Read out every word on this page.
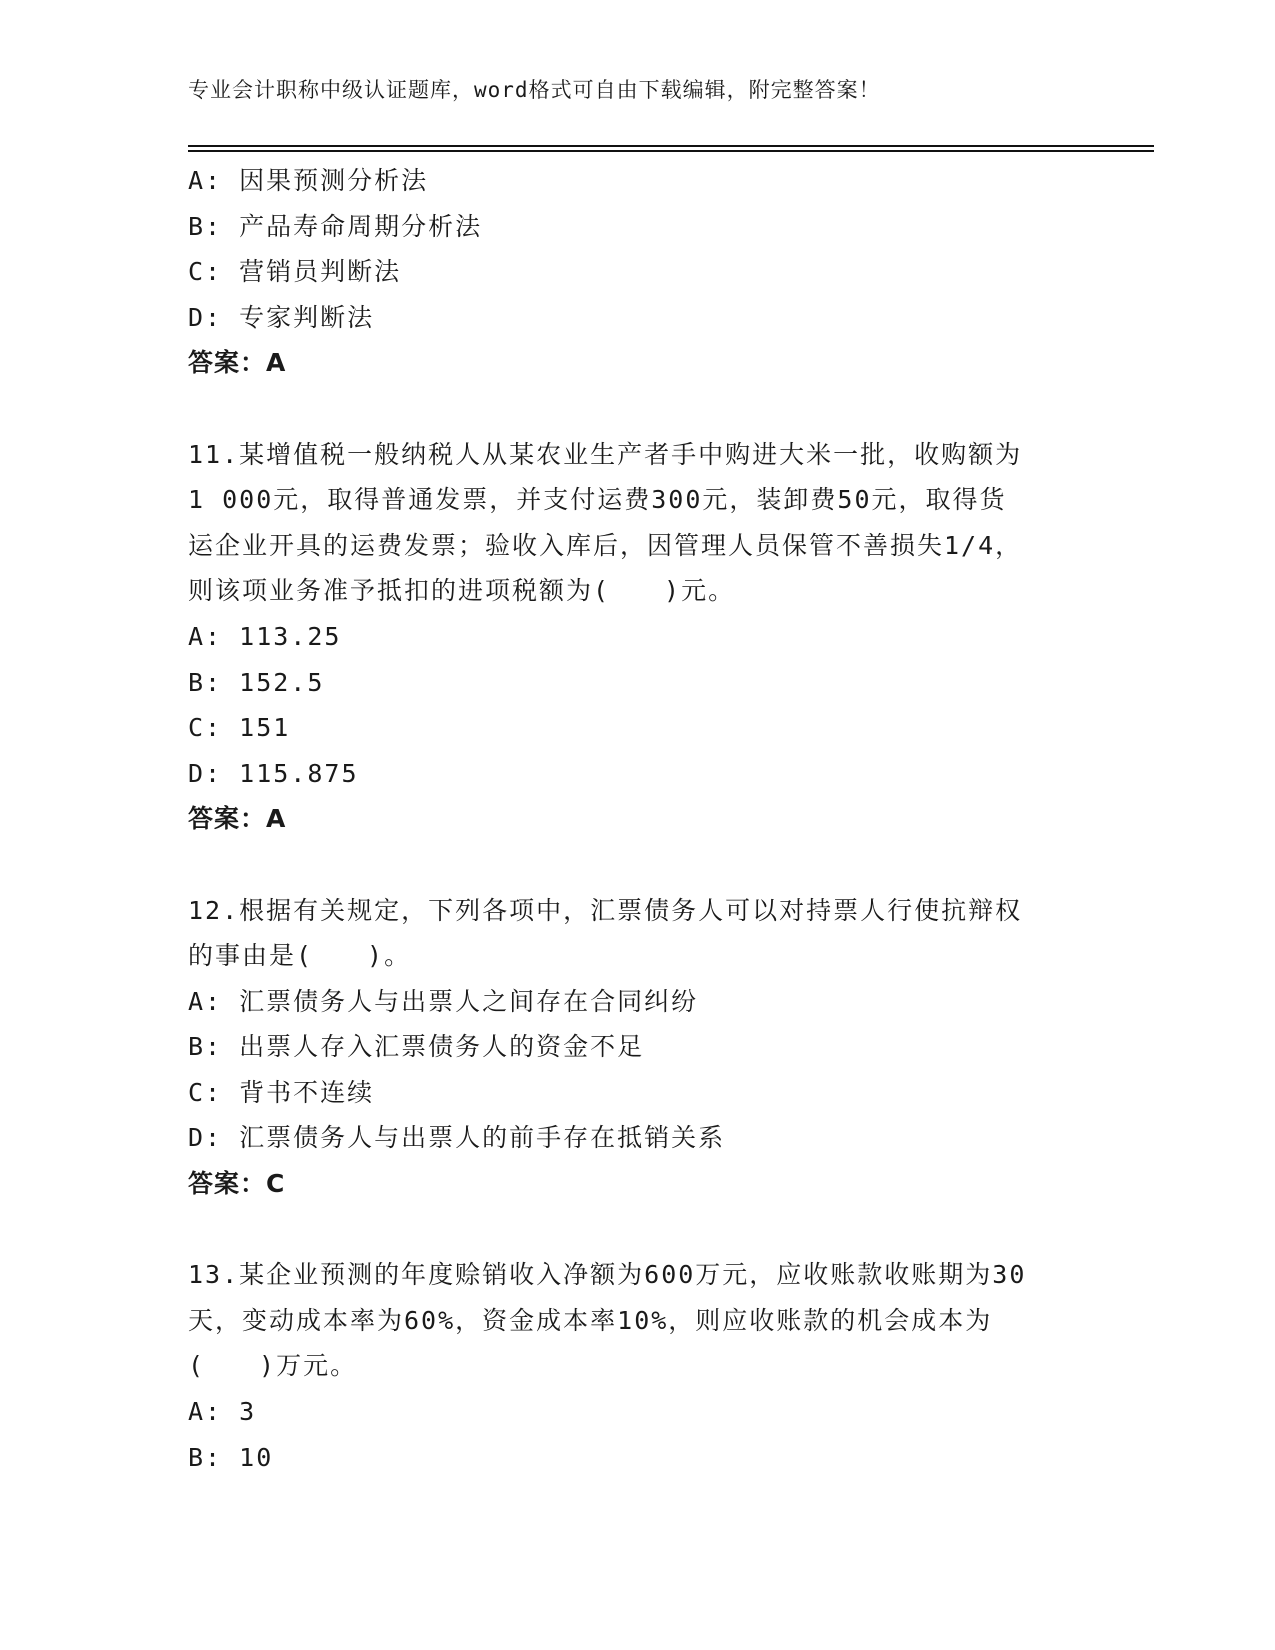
专业会计职称中级认证题库，word格式可自由下载编辑，附完整答案！
A: 因果预测分析法
B: 产品寿命周期分析法
C: 营销员判断法
D: 专家判断法
答案：A
11.某增值税一般纳税人从某农业生产者手中购进大米一批，收购额为
1 000元，取得普通发票，并支付运费300元，装卸费50元，取得货
运企业开具的运费发票；验收入库后，因管理人员保管不善损失1/4，
则该项业务准予抵扣的进项税额为(　　)元。
A: 113.25
B: 152.5
C: 151
D: 115.875
答案：A
12.根据有关规定，下列各项中，汇票债务人可以对持票人行使抗辩权
的事由是(　　)。
A: 汇票债务人与出票人之间存在合同纠纷
B: 出票人存入汇票债务人的资金不足
C: 背书不连续
D: 汇票债务人与出票人的前手存在抵销关系
答案：C
13.某企业预测的年度赊销收入净额为600万元，应收账款收账期为30
天，变动成本率为60%，资金成本率10%，则应收账款的机会成本为
(　　)万元。
A: 3
B: 10
